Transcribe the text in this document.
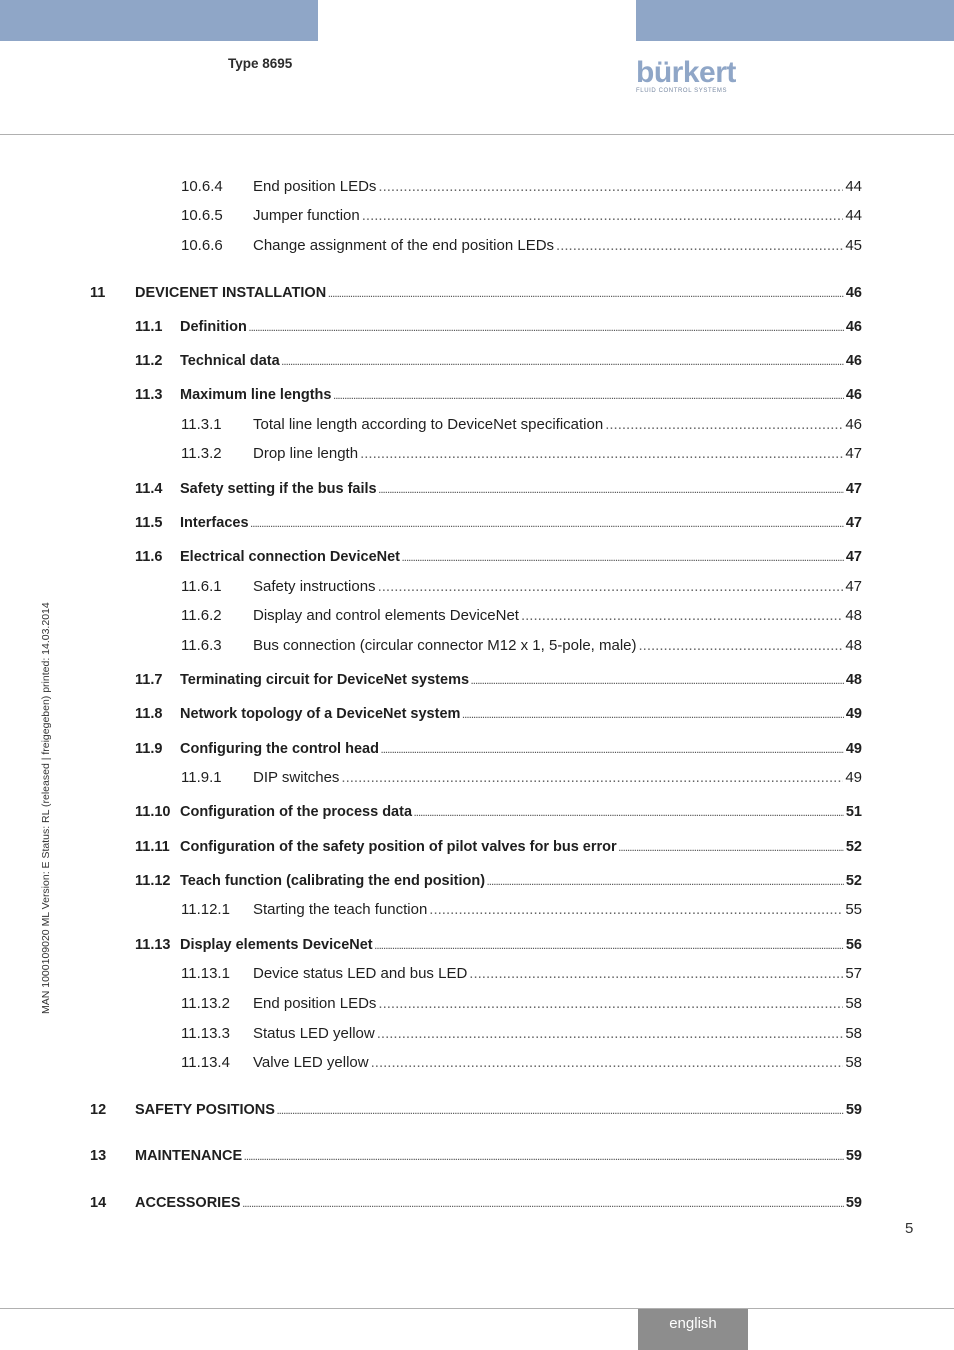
Type 8695	bürkert
FLUID CONTROL SYSTEMS
MAN 1000109020 ML Version: E Status: RL (released | freigegeben) printed: 14.03.2014
10.6.4 End position LEDs .....	44
10.6.5 Jumper function .....	44
10.6.6 Change assignment of the end position LEDs .....	45
11 DEVICENET INSTALLATION .....	46
11.1 Definition .....	46
11.2 Technical data .....	46
11.3 Maximum line lengths .....	46
11.3.1 Total line length according to DeviceNet specification .....	46
11.3.2 Drop line length .....	47
11.4 Safety setting if the bus fails .....	47
11.5 Interfaces .....	47
11.6 Electrical connection DeviceNet .....	47
11.6.1 Safety instructions .....	47
11.6.2 Display and control elements DeviceNet .....	48
11.6.3 Bus connection (circular connector M12 x 1, 5-pole, male) .....	48
11.7 Terminating circuit for DeviceNet systems .....	48
11.8 Network topology of a DeviceNet system .....	49
11.9 Configuring the control head .....	49
11.9.1 DIP switches .....	49
11.10 Configuration of the process data .....	51
11.11 Configuration of the safety position of pilot valves for bus error .....	52
11.12 Teach function (calibrating the end position) .....	52
11.12.1 Starting the teach function .....	55
11.13 Display elements DeviceNet .....	56
11.13.1 Device status LED and bus LED .....	57
11.13.2 End position LEDs .....	58
11.13.3 Status LED yellow .....	58
11.13.4 Valve LED yellow .....	58
12 SAFETY POSITIONS .....	59
13 MAINTENANCE .....	59
14 ACCESSORIES .....	59
5
english
